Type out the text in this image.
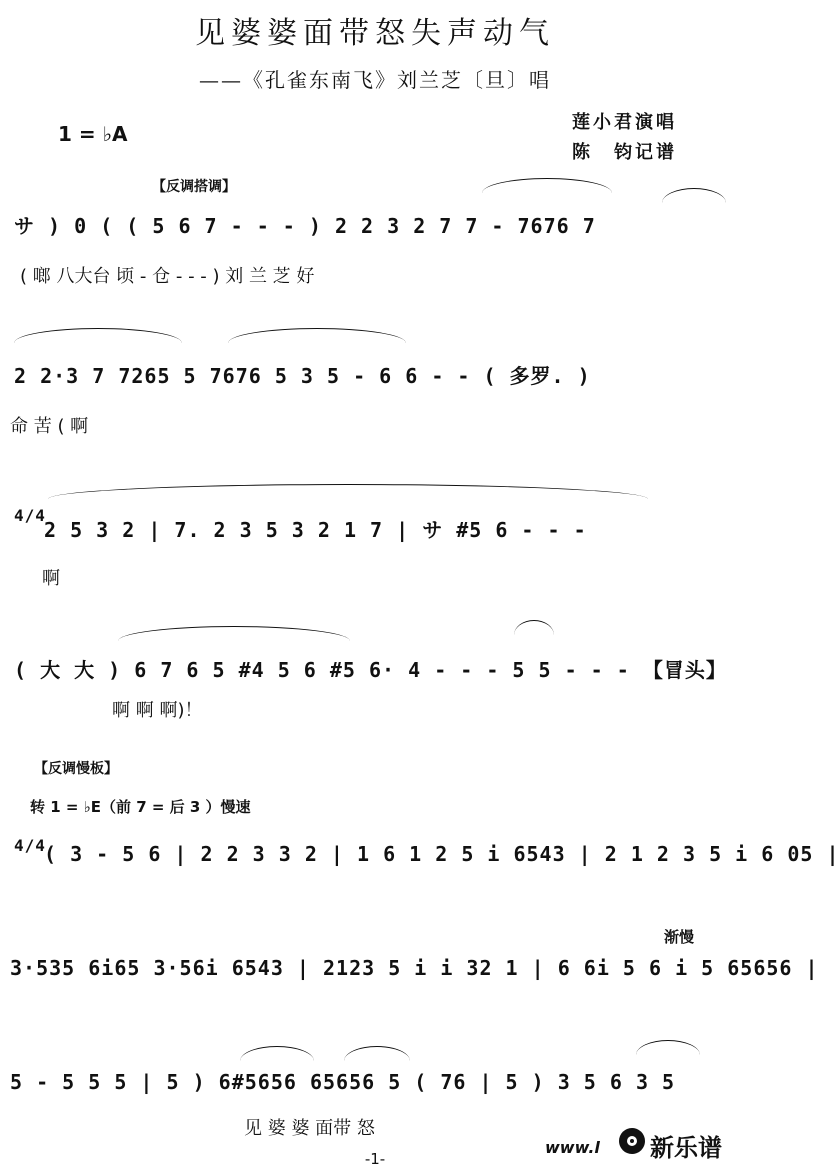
见婆婆面带怒失声动气
——《孔雀东南飞》刘兰芝〔旦〕唱
1 = ♭A	莲小君演唱
陈　钧记谱
【反调搭调】
サ ) 0 ( ( 5 6 7 - - - ) 2 2 3 2 7 7 - 7676 7
( 啷 八大台 顷 - 仓 - - - ) 刘 兰 芝 好
2 2·3 7 7265 5 7676 5 3 5 - 6 6 - - ( 多罗. )
命 苦 ( 啊
4/4
2 5 3 2 | 7. 2 3 5 3 2 1 7 | サ #5 6 - - -
啊
( 大 大 ) 6 7 6 5 #4 5 6 #5 6· 4 - - - 5 5 - - - 【冒头】
啊 啊 啊)！
【反调慢板】
转 1 = ♭E（前 7 = 后 3 ）慢速
4/4
( 3 - 5 6 | 2 2 3 3 2 | 1 6 1 2 5 i 6543 | 2 1 2 3 5 i 6 05 |
渐慢
3·535 6i65 3·56i 6543 | 2123 5 i i 32 1 | 6 6i 5 6 i 5 65656 |
5 - 5 5 5 | 5 ) 6#5656 65656 5 ( 76 | 5 ) 3 5 6 3 5
见 婆 婆 面带 怒
-1-
www.l 新乐谱
